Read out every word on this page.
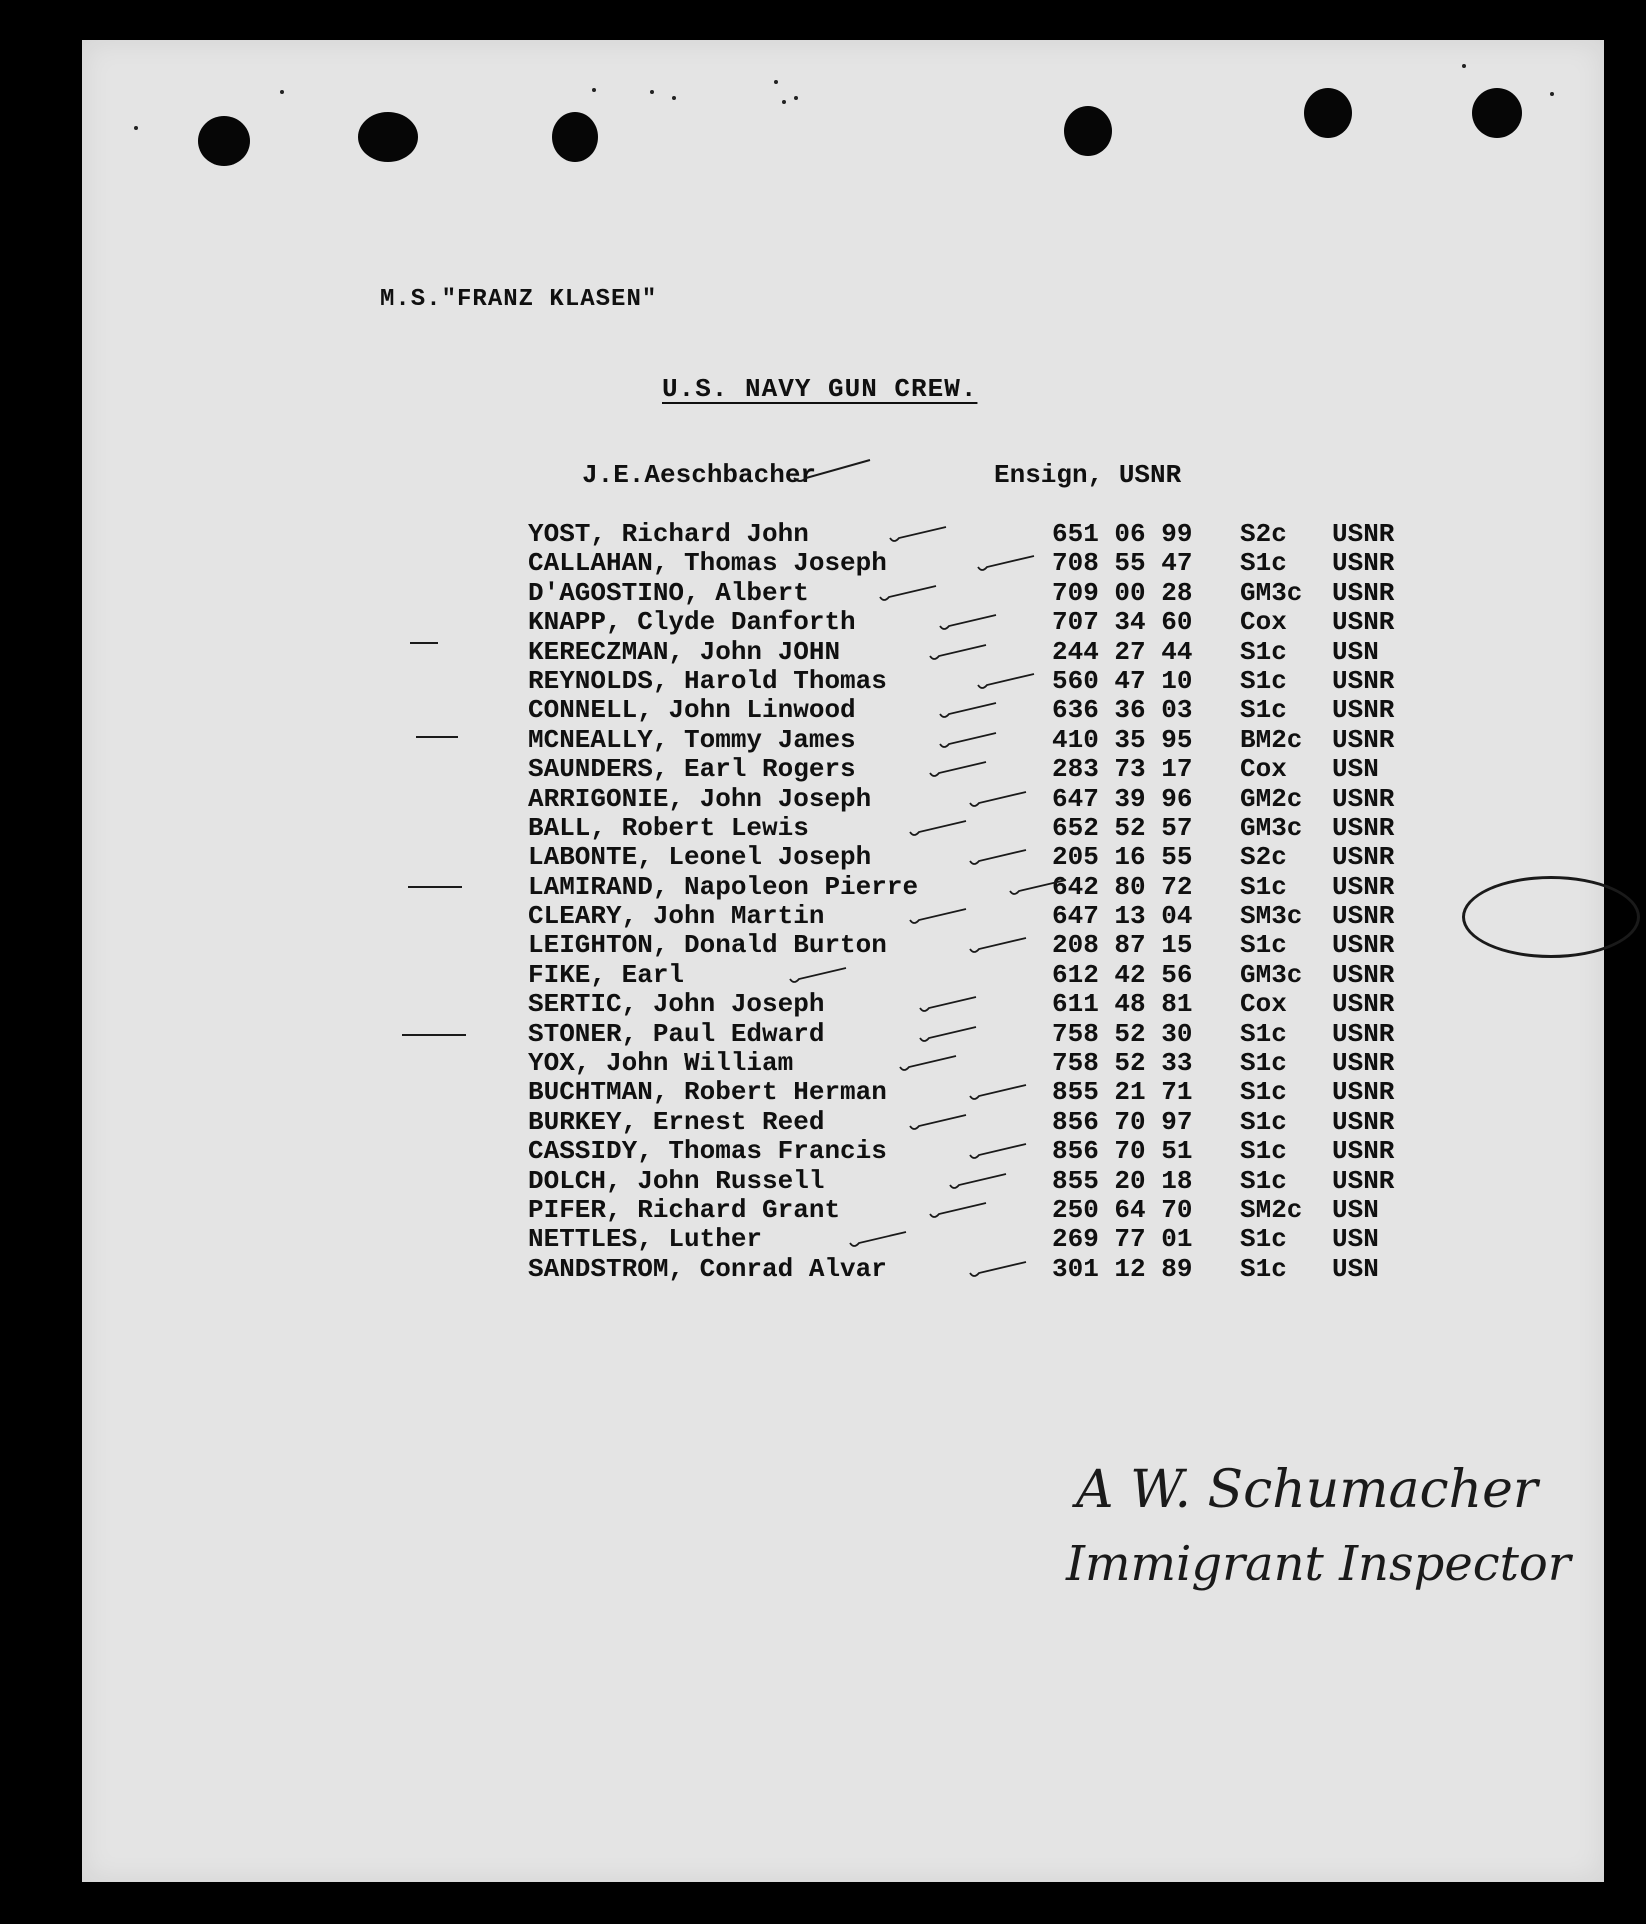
M.S."FRANZ KLASEN"
U.S. NAVY GUN CREW.
J.E.Aeschbacher	Ensign, USNR
YOST, Richard John	651 06 99 S2c USNR
CALLAHAN, Thomas Joseph	708 55 47 S1c USNR
D'AGOSTINO, Albert	709 00 28 GM3c USNR
KNAPP, Clyde Danforth	707 34 60 Cox USNR
KERECZMAN, John JOHN	244 27 44 S1c USN
REYNOLDS, Harold Thomas	560 47 10 S1c USNR
CONNELL, John Linwood	636 36 03 S1c USNR
MCNEALLY, Tommy James	410 35 95 BM2c USNR
SAUNDERS, Earl Rogers	283 73 17 Cox USN
ARRIGONIE, John Joseph	647 39 96 GM2c USNR
BALL, Robert Lewis	652 52 57 GM3c USNR
LABONTE, Leonel Joseph	205 16 55 S2c USNR
LAMIRAND, Napoleon Pierre	642 80 72 S1c USNR
CLEARY, John Martin	647 13 04 SM3c USNR
LEIGHTON, Donald Burton	208 87 15 S1c USNR
FIKE, Earl	612 42 56 GM3c USNR
SERTIC, John Joseph	611 48 81 Cox USNR
STONER, Paul Edward	758 52 30 S1c USNR
YOX, John William	758 52 33 S1c USNR
BUCHTMAN, Robert Herman	855 21 71 S1c USNR
BURKEY, Ernest Reed	856 70 97 S1c USNR
CASSIDY, Thomas Francis	856 70 51 S1c USNR
DOLCH, John Russell	855 20 18 S1c USNR
PIFER, Richard Grant	250 64 70 SM2c USN
NETTLES, Luther	269 77 01 S1c USN
SANDSTROM, Conrad Alvar	301 12 89 S1c USN
A W. Schumacher
Immigrant Inspector
